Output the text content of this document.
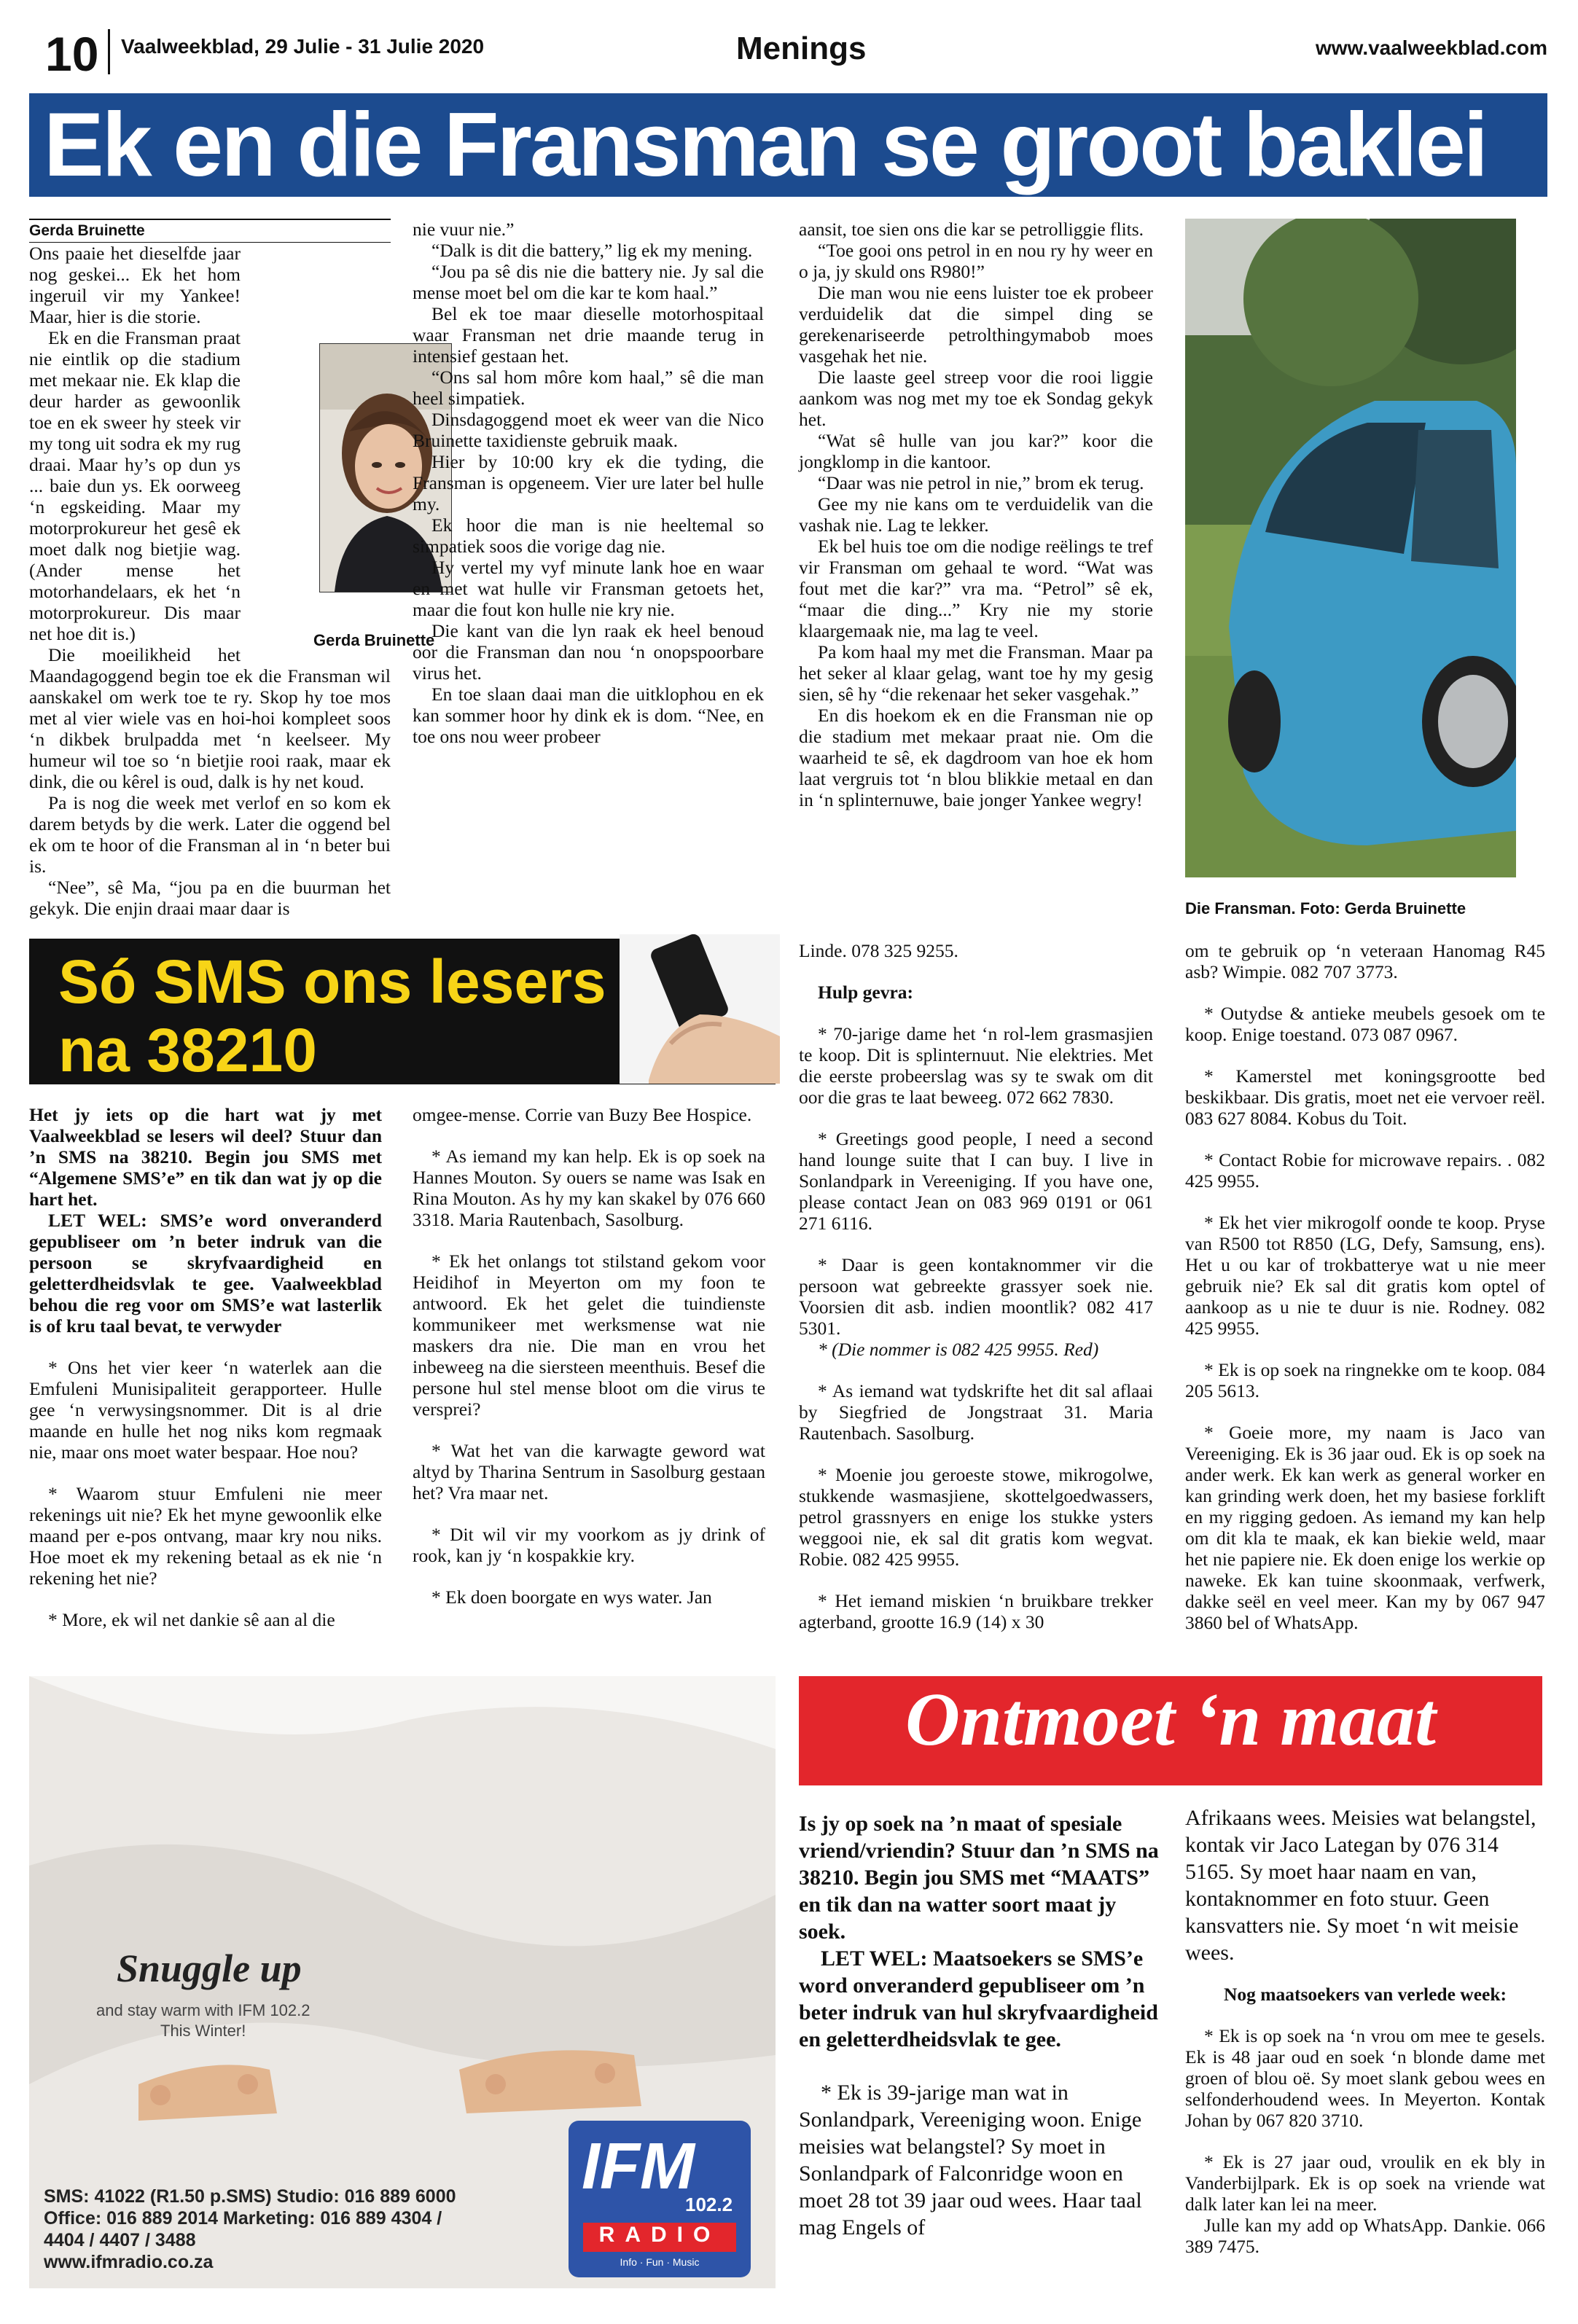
10 Vaalweekblad, 29 Julie - 31 Julie 2020	Menings	www.vaalweekblad.com
Ek en die Fransman se groot baklei
Gerda Bruinette

Ons paaie het dieselfde jaar nog geskei... Ek het hom ingeruil vir my Yankee! Maar, hier is die storie.

Ek en die Fransman praat nie eintlik op die stadium met mekaar nie. Ek klap die deur harder as gewoonlik toe en ek sweer hy steek vir my tong uit sodra ek my rug draai. Maar hy’s op dun ys ... baie dun ys. Ek oorweeg ‘n egskeiding. Maar my motorprokureur het gesê ek moet dalk nog bietjie wag. (Ander mense het motorhandelaars, ek het ‘n motorprokureur. Dis maar net hoe dit is.)

Die moeilikheid het Maandagoggend begin toe ek die Fransman wil aanskakel om werk toe te ry. Skop hy toe mos met al vier wiele vas en hoi-hoi kompleet soos ‘n dikbek brulpadda met ‘n keelseer. My humeur wil toe so ‘n bietjie rooi raak, maar ek dink, die ou kêrel is oud, dalk is hy net koud.

Pa is nog die week met verlof en so kom ek darem betyds by die werk. Later die oggend bel ek om te hoor of die Fransman al in ‘n beter bui is.

“Nee”, sê Ma, “jou pa en die buurman het gekyk. Die enjin draai maar daar is

Gerda Bruinette

nie vuur nie.”

“Dalk is dit die battery,” lig ek my mening.

“Jou pa sê dis nie die battery nie. Jy sal die mense moet bel om die kar te kom haal.”

Bel ek toe maar dieselle motorhospitaal waar Fransman net drie maande terug in intensief gestaan het.

“Ons sal hom môre kom haal,” sê die man heel simpatiek.

Dinsdagoggend moet ek weer van die Nico Bruinette taxidienste gebruik maak.

Hier by 10:00 kry ek die tyding, die Fransman is opgeneem. Vier ure later bel hulle my.

Ek hoor die man is nie heeltemal so simpatiek soos die vorige dag nie.

Hy vertel my vyf minute lank hoe en waar en met wat hulle vir Fransman getoets het, maar die fout kon hulle nie kry nie.

Die kant van die lyn raak ek heel benoud oor die Fransman dan nou ‘n onopspoorbare virus het.

En toe slaan daai man die uitklophou en ek kan sommer hoor hy dink ek is dom. “Nee, en toe ons nou weer probeer

aansit, toe sien ons die kar se petrolliggie flits.

“Toe gooi ons petrol in en nou ry hy weer en o ja, jy skuld ons R980!”

Die man wou nie eens luister toe ek probeer verduidelik dat die simpel ding se gerekenariseerde petrolthingymabob moes vasgehak het nie.

Die laaste geel streep voor die rooi liggie aankom was nog met my toe ek Sondag gekyk het.

“Wat sê hulle van jou kar?” koor die jongklomp in die kantoor.

“Daar was nie petrol in nie,” brom ek terug.

Gee my nie kans om te verduidelik van die vashak nie. Lag te lekker.

Ek bel huis toe om die nodige reëlings te tref vir Fransman om gehaal te word. “Wat was fout met die kar?” vra ma. “Petrol” sê ek, “maar die ding...” Kry nie my storie klaargemaak nie, ma lag te veel.

Pa kom haal my met die Fransman. Maar pa het seker al klaar gelag, want toe hy my gesig sien, sê hy “die rekenaar het seker vasgehak.”

En dis hoekom ek en die Fransman nie op die stadium met mekaar praat nie. Om die waarheid te sê, ek dagdroom van hoe ek hom laat vergruis tot ‘n blou blikkie metaal en dan in ‘n splinternuwe, baie jonger Yankee wegry!

Die Fransman. Foto: Gerda Bruinette
Só SMS ons lesers
na 38210

Het jy iets op die hart wat jy met Vaalweekblad se lesers wil deel? Stuur dan ’n SMS na 38210. Begin jou SMS met “Algemene SMS’e” en tik dan wat jy op die hart het.

LET WEL: SMS’e word onveranderd gepubliseer om ’n beter indruk van die persoon se skryfvaardigheid en geletterdheidsvlak te gee. Vaalweekblad behou die reg voor om SMS’e wat lasterlik is of kru taal bevat, te verwyder

* Ons het vier keer ‘n waterlek aan die Emfuleni Munisipaliteit gerapporteer. Hulle gee ‘n verwysingsnommer. Dit is al drie maande en hulle het nog niks kom regmaak nie, maar ons moet water bespaar. Hoe nou?

* Waarom stuur Emfuleni nie meer rekenings uit nie? Ek het myne gewoonlik elke maand per e-pos ontvang, maar kry nou niks. Hoe moet ek my rekening betaal as ek nie ‘n rekening het nie?

* More, ek wil net dankie sê aan al die

omgee-mense. Corrie van Buzy Bee Hospice.

* As iemand my kan help. Ek is op soek na Hannes Mouton. Sy ouers se name was Isak en Rina Mouton. As hy my kan skakel by 076 660 3318. Maria Rautenbach, Sasolburg.

* Ek het onlangs tot stilstand gekom voor Heidihof in Meyerton om my foon te antwoord. Ek het gelet die tuindienste kommunikeer met werksmense wat nie maskers dra nie. Die man en vrou het inbeweeg na die siersteen meenthuis. Besef die persone hul stel mense bloot om die virus te versprei?

* Wat het van die karwagte geword wat altyd by Tharina Sentrum in Sasolburg gestaan het? Vra maar net.

* Dit wil vir my voorkom as jy drink of rook, kan jy ‘n kospakkie kry.

* Ek doen boorgate en wys water. Jan

Linde. 078 325 9255.

Hulp gevra:

* 70-jarige dame het ‘n rol-lem grasmasjien te koop. Dit is splinternuut. Nie elektries. Met die eerste probeerslag was sy te swak om dit oor die gras te laat beweeg. 072 662 7830.

* Greetings good people, I need a second hand lounge suite that I can buy. I live in Sonlandpark in Vereeniging. If you have one, please contact Jean on 083 969 0191 or 061 271 6116.

* Daar is geen kontaknommer vir die persoon wat gebreekte grassyer soek nie. Voorsien dit asb. indien moontlik? 082 417 5301.

* (Die nommer is 082 425 9955. Red)

* As iemand wat tydskrifte het dit sal aflaai by Siegfried de Jongstraat 31. Maria Rautenbach. Sasolburg.

* Moenie jou geroeste stowe, mikrogolwe, stukkende wasmasjiene, skottelgoedwassers, petrol grassnyers en enige los stukke ysters weggooi nie, ek sal dit gratis kom wegvat. Robie. 082 425 9955.

* Het iemand miskien ‘n bruikbare trekker agterband, grootte 16.9 (14) x 30

om te gebruik op ‘n veteraan Hanomag R45 asb? Wimpie. 082 707 3773.

* Outydse & antieke meubels gesoek om te koop. Enige toestand. 073 087 0967.

* Kamerstel met koningsgrootte bed beskikbaar. Dis gratis, moet net eie vervoer reël. 083 627 8084. Kobus du Toit.

* Contact Robie for microwave repairs. . 082 425 9955.

* Ek het vier mikrogolf oonde te koop. Pryse van R500 tot R850 (LG, Defy, Samsung, ens). Het u ou kar of trokbatterye wat u nie meer gebruik nie? Ek sal dit gratis kom optel of aankoop as u nie te duur is nie. Rodney. 082 425 9955.

* Ek is op soek na ringnekke om te koop. 084 205 5613.

* Goeie more, my naam is Jaco van Vereeniging. Ek is 36 jaar oud. Ek is op soek na ander werk. Ek kan werk as general worker en kan grinding werk doen, het my basiese forklift en my rigging gedoen. As iemand my kan help om dit kla te maak, ek kan biekie weld, maar het nie papiere nie. Ek doen enige los werkie op naweke. Ek kan tuine skoonmaak, verfwerk, dakke seël en veel meer. Kan my by 067 947 3860 bel of WhatsApp.

Snuggle up
and stay warm with IFM 102.2
This Winter!
SMS: 41022 (R1.50 p.SMS) Studio: 016 889 6000
Office: 016 889 2014 Marketing: 016 889 4304 /
4404 / 4407 / 3488
www.ifmradio.co.za
IFM
102.2
RADIO
Info · Fun · Music
Ontmoet ‘n maat

Is jy op soek na ’n maat of spesiale vriend/vriendin? Stuur dan ’n SMS na 38210. Begin jou SMS met “MAATS” en tik dan na watter soort maat jy soek.

LET WEL: Maatsoekers se SMS’e word onveranderd gepubliseer om ’n beter indruk van hul skryfvaardigheid en geletterdheidsvlak te gee.

* Ek is 39-jarige man wat in Sonlandpark, Vereeniging woon. Enige meisies wat belangstel? Sy moet in Sonlandpark of Falconridge woon en moet 28 tot 39 jaar oud wees. Haar taal mag Engels of

Afrikaans wees. Meisies wat belangstel, kontak vir Jaco Lategan by 076 314 5165. Sy moet haar naam en van, kontaknommer en foto stuur. Geen kansvatters nie. Sy moet ‘n wit meisie wees.

Nog maatsoekers van verlede week:

* Ek is op soek na ‘n vrou om mee te gesels. Ek is 48 jaar oud en soek ‘n blonde dame met groen of blou oë. Sy moet slank gebou wees en selfonderhoudend wees. In Meyerton. Kontak Johan by 067 820 3710.

* Ek is 27 jaar oud, vroulik en ek bly in Vanderbijlpark. Ek is op soek na vriende wat dalk later kan lei na meer.

Julle kan my add op WhatsApp. Dankie. 066 389 7475.
